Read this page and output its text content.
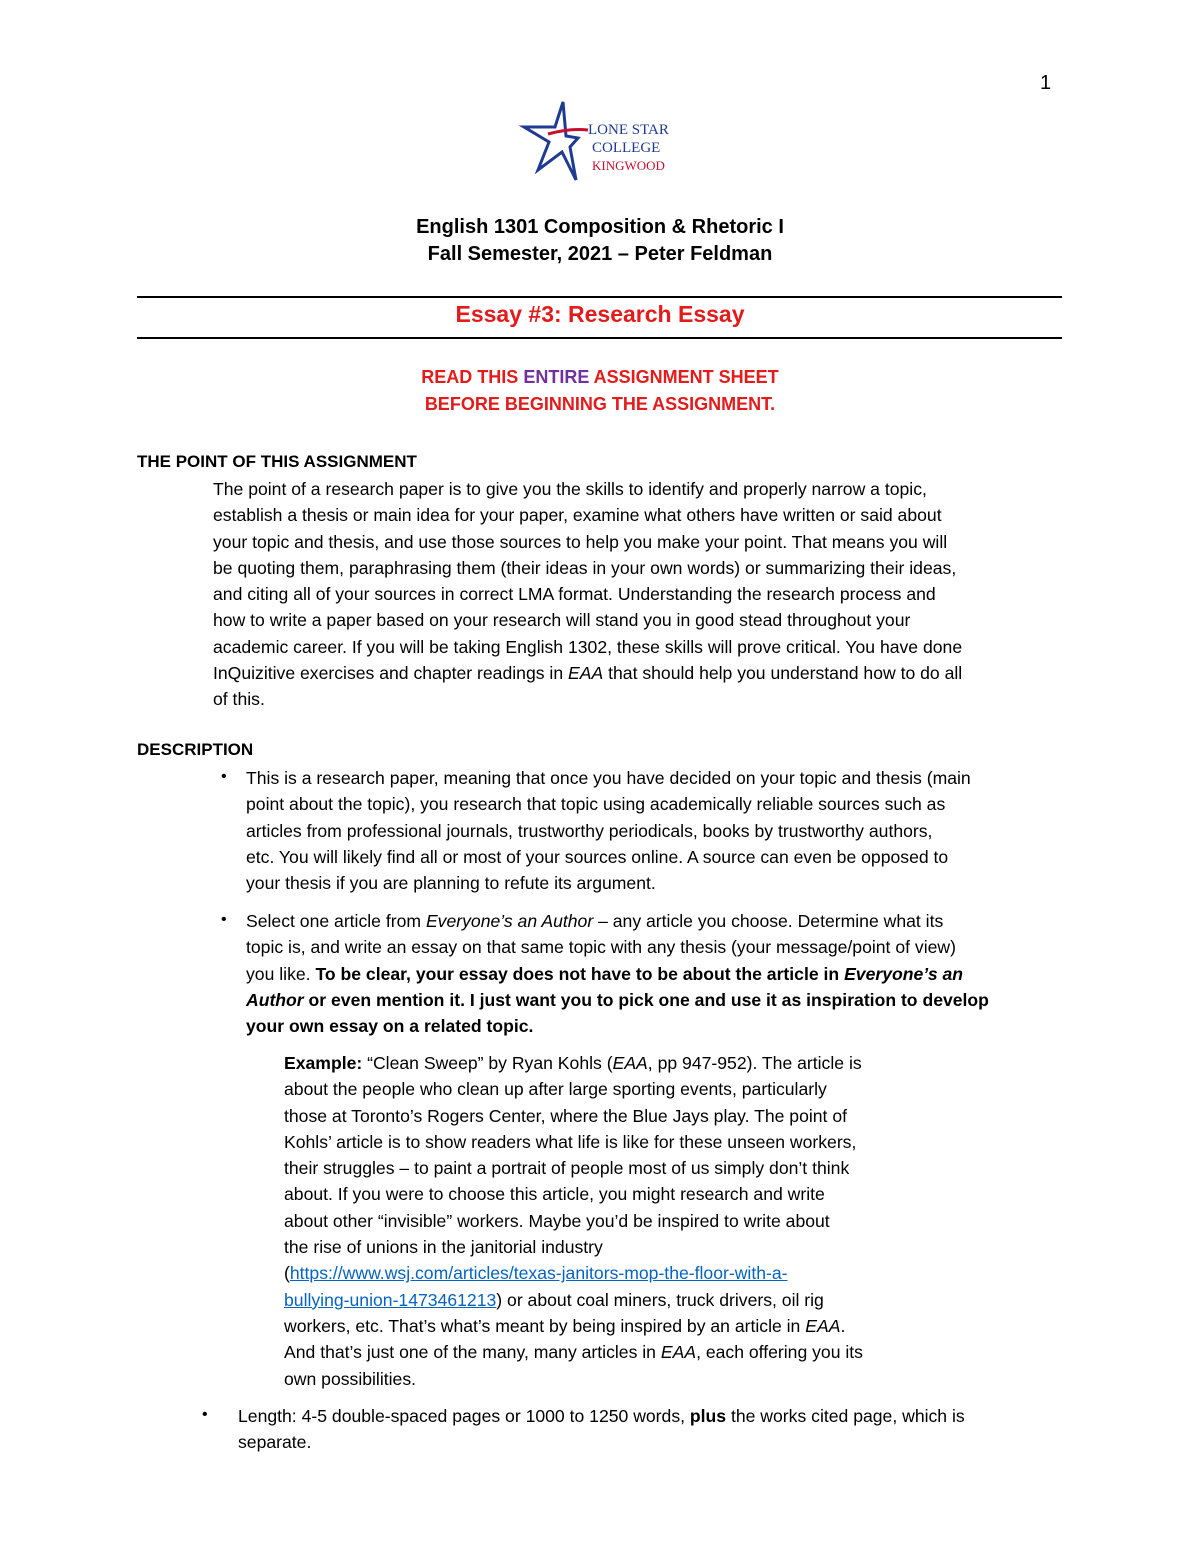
1
LONE STAR
COLLEGE
KINGWOOD
English 1301 Composition & Rhetoric I
Fall Semester, 2021 – Peter Feldman
Essay #3: Research Essay
READ THIS ENTIRE ASSIGNMENT SHEET
BEFORE BEGINNING THE ASSIGNMENT.
THE POINT OF THIS ASSIGNMENT
The point of a research paper is to give you the skills to identify and properly narrow a topic,
establish a thesis or main idea for your paper, examine what others have written or said about
your topic and thesis, and use those sources to help you make your point. That means you will
be quoting them, paraphrasing them (their ideas in your own words) or summarizing their ideas,
and citing all of your sources in correct LMA format. Understanding the research process and
how to write a paper based on your research will stand you in good stead throughout your
academic career. If you will be taking English 1302, these skills will prove critical. You have done
InQuizitive exercises and chapter readings in EAA that should help you understand how to do all
of this.
DESCRIPTION
• This is a research paper, meaning that once you have decided on your topic and thesis (main
point about the topic), you research that topic using academically reliable sources such as
articles from professional journals, trustworthy periodicals, books by trustworthy authors,
etc. You will likely find all or most of your sources online. A source can even be opposed to
your thesis if you are planning to refute its argument.
• Select one article from Everyone’s an Author – any article you choose. Determine what its
topic is, and write an essay on that same topic with any thesis (your message/point of view)
you like. To be clear, your essay does not have to be about the article in Everyone’s an
Author or even mention it. I just want you to pick one and use it as inspiration to develop
your own essay on a related topic.
Example: “Clean Sweep” by Ryan Kohls (EAA, pp 947-952). The article is
about the people who clean up after large sporting events, particularly
those at Toronto’s Rogers Center, where the Blue Jays play. The point of
Kohls’ article is to show readers what life is like for these unseen workers,
their struggles – to paint a portrait of people most of us simply don’t think
about. If you were to choose this article, you might research and write
about other “invisible” workers. Maybe you’d be inspired to write about
the rise of unions in the janitorial industry
(https://www.wsj.com/articles/texas-janitors-mop-the-floor-with-a-
bullying-union-1473461213) or about coal miners, truck drivers, oil rig
workers, etc. That’s what’s meant by being inspired by an article in EAA.
And that’s just one of the many, many articles in EAA, each offering you its
own possibilities.
• Length: 4-5 double-spaced pages or 1000 to 1250 words, plus the works cited page, which is
separate.
